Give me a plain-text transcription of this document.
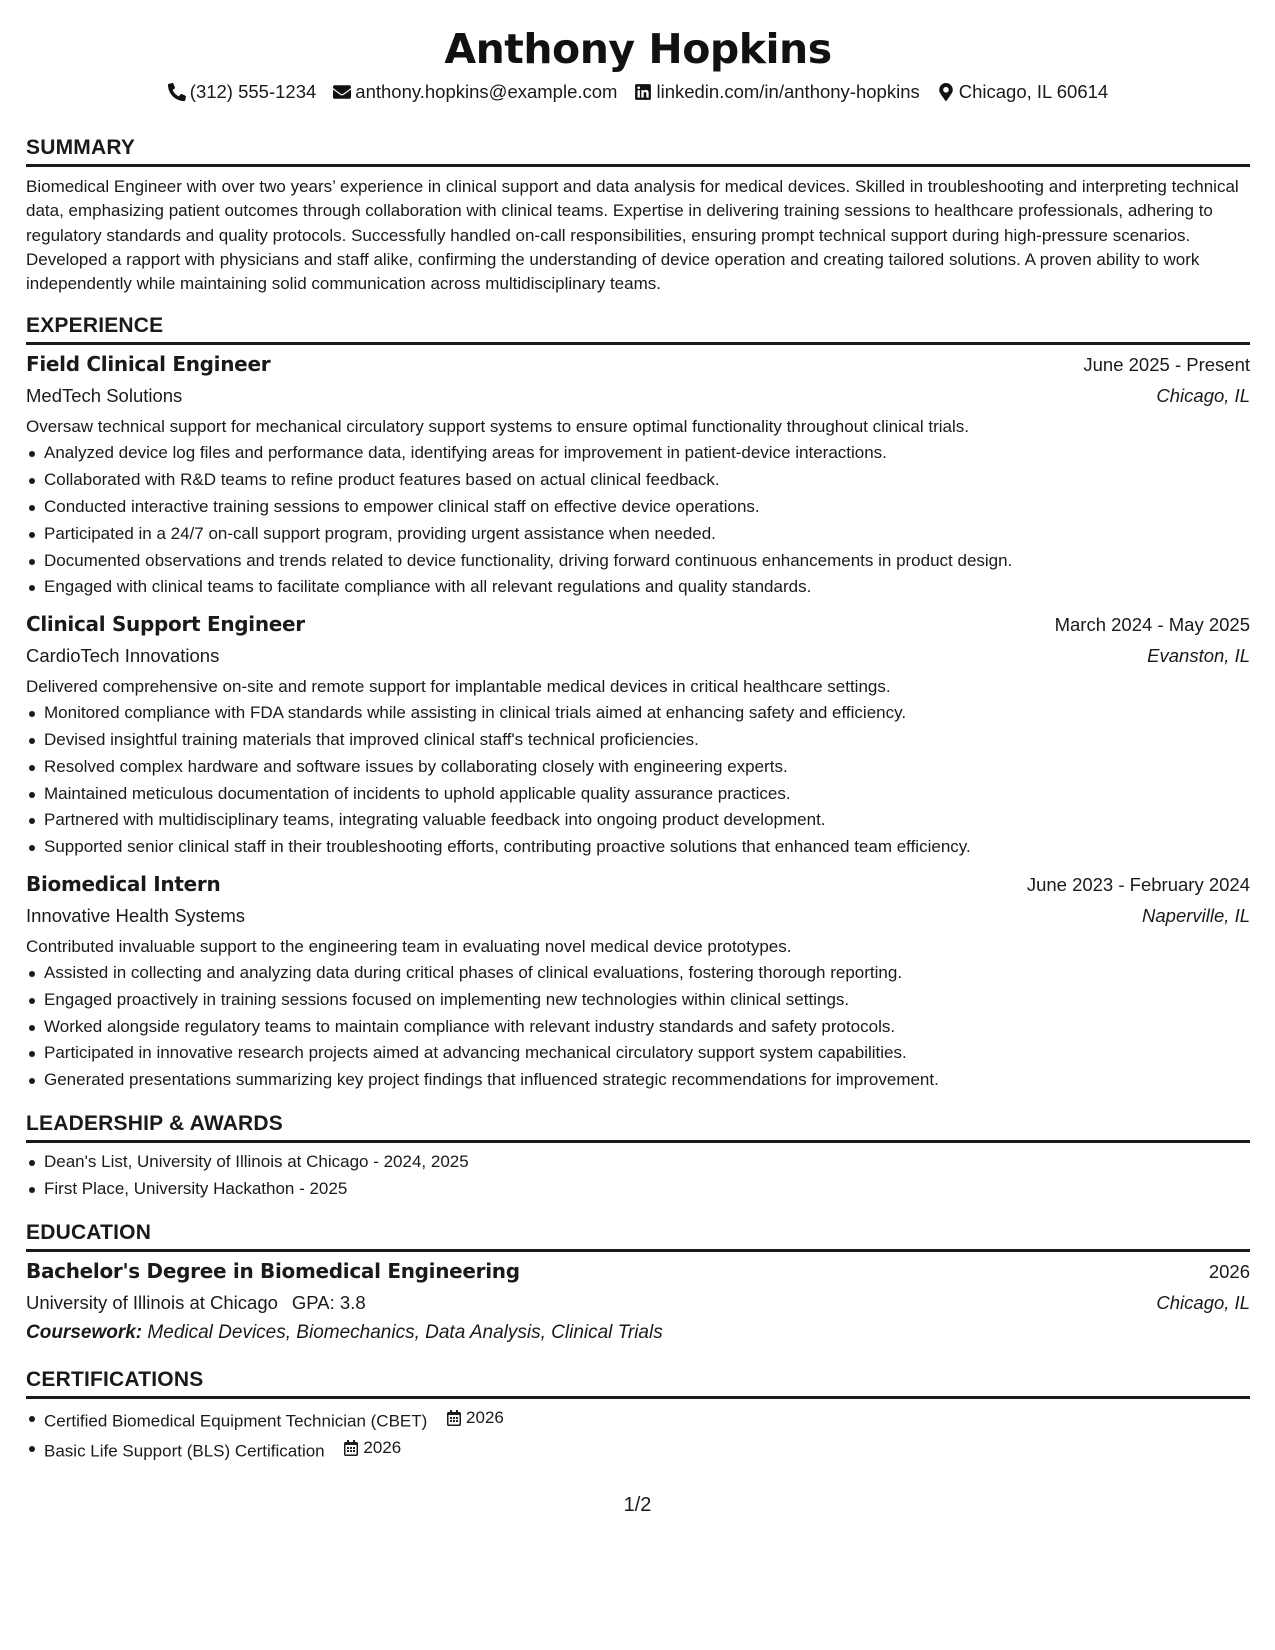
Anthony Hopkins
(312) 555-1234 anthony.hopkins@example.com linkedin.com/in/anthony-hopkins Chicago, IL 60614
SUMMARY

Biomedical Engineer with over two years’ experience in clinical support and data analysis for medical devices. Skilled in troubleshooting and interpreting technical data, emphasizing patient outcomes through collaboration with clinical teams. Expertise in delivering training sessions to healthcare professionals, adhering to regulatory standards and quality protocols. Successfully handled on-call responsibilities, ensuring prompt technical support during high-pressure scenarios. Developed a rapport with physicians and staff alike, confirming the understanding of device operation and creating tailored solutions. A proven ability to work independently while maintaining solid communication across multidisciplinary teams.

EXPERIENCE
Field Clinical Engineer	June 2025 - Present
MedTech Solutions	Chicago, IL

Oversaw technical support for mechanical circulatory support systems to ensure optimal functionality throughout clinical trials.

Analyzed device log files and performance data, identifying areas for improvement in patient-device interactions.
Collaborated with R&D teams to refine product features based on actual clinical feedback.
Conducted interactive training sessions to empower clinical staff on effective device operations.
Participated in a 24/7 on-call support program, providing urgent assistance when needed.
Documented observations and trends related to device functionality, driving forward continuous enhancements in product design.
Engaged with clinical teams to facilitate compliance with all relevant regulations and quality standards.
Clinical Support Engineer	March 2024 - May 2025
CardioTech Innovations	Evanston, IL

Delivered comprehensive on-site and remote support for implantable medical devices in critical healthcare settings.

Monitored compliance with FDA standards while assisting in clinical trials aimed at enhancing safety and efficiency.
Devised insightful training materials that improved clinical staff's technical proficiencies.
Resolved complex hardware and software issues by collaborating closely with engineering experts.
Maintained meticulous documentation of incidents to uphold applicable quality assurance practices.
Partnered with multidisciplinary teams, integrating valuable feedback into ongoing product development.
Supported senior clinical staff in their troubleshooting efforts, contributing proactive solutions that enhanced team efficiency.
Biomedical Intern	June 2023 - February 2024
Innovative Health Systems	Naperville, IL

Contributed invaluable support to the engineering team in evaluating novel medical device prototypes.

Assisted in collecting and analyzing data during critical phases of clinical evaluations, fostering thorough reporting.
Engaged proactively in training sessions focused on implementing new technologies within clinical settings.
Worked alongside regulatory teams to maintain compliance with relevant industry standards and safety protocols.
Participated in innovative research projects aimed at advancing mechanical circulatory support system capabilities.
Generated presentations summarizing key project findings that influenced strategic recommendations for improvement.
LEADERSHIP & AWARDS
Dean's List, University of Illinois at Chicago - 2024, 2025
First Place, University Hackathon - 2025
EDUCATION
Bachelor's Degree in Biomedical Engineering	2026
University of Illinois at Chicago GPA: 3.8	Chicago, IL
Coursework: Medical Devices, Biomechanics, Data Analysis, Clinical Trials
CERTIFICATIONS
Certified Biomedical Equipment Technician (CBET) 2026
Basic Life Support (BLS) Certification 2026
1/2
